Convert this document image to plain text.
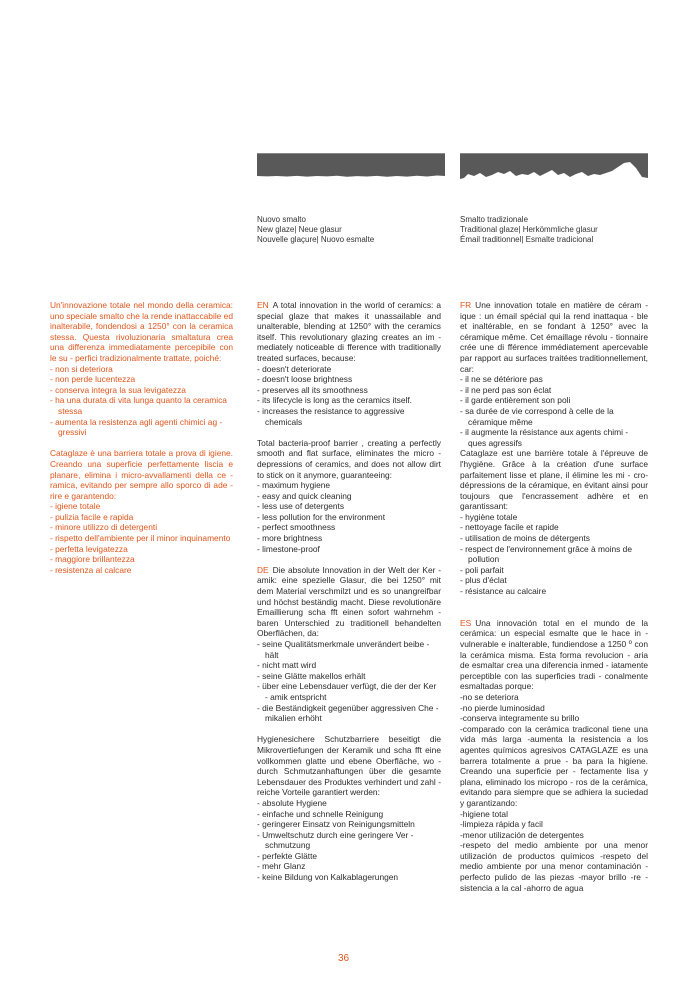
Nuovo smalto
New glaze| Neue glasur
Nouvelle glaçure| Nuovo esmalte
Smalto tradizionale
Traditional glaze| Herkömmliche glasur
Émail traditionnel| Esmalte tradicional

Un'innovazione totale nel mondo della ceramica: uno speciale smalto che la rende inattaccabile ed inalterabile, fondendosi a 1250° con la ceramica stessa. Questa rivoluzionaria smaltatura crea una differenza immediatamente percepibile con le su - perfici tradizionalmente trattate, poiché:

- non si deteriora
- non perde lucentezza
- conserva integra la sua levigatezza
- ha una durata di vita lunga quanto la ceramica stessa
- aumenta la resistenza agli agenti chimici ag - gressivi

Cataglaze è una barriera totale a prova di igiene. Creando una superficie perfettamente liscia e planare, elimina i micro-avvallamenti della ce - ramica, evitando per sempre allo sporco di ade - rire e garantendo:

- igiene totale
- pulizia facile e rapida
- minore utilizzo di detergenti
- rispetto dell'ambiente per il minor inquinamento
- perfetta levigatezza
- maggiore brillantezza
- resistenza al calcare

EN A total innovation in the world of ceramics: a special glaze that makes it unassailable and unalterable, blending at 1250° with the ceramics itself. This revolutionary glazing creates an im - mediately noticeable di fference with traditionally treated surfaces, because:

- doesn't deteriorate
- doesn't loose brightness
- preserves all its smoothness
- its lifecycle is long as the ceramics itself.
- increases the resistance to aggressive chemicals

Total bacteria-proof barrier , creating a perfectly smooth and flat surface, eliminates the micro - depressions of ceramics, and does not allow dirt to stick on it anymore, guaranteeing:

- maximum hygiene
- easy and quick cleaning
- less use of detergents
- less pollution for the environment
- perfect smoothness
- more brightness
- limestone-proof

DE Die absolute Innovation in der Welt der Ker - amik: eine spezielle Glasur, die bei 1250° mit dem Material verschmilzt und es so unangreifbar und höchst beständig macht. Diese revolutionäre Emaillierung scha fft einen sofort wahrnehm - baren Unterschied zu traditionell behandelten Oberflächen, da:

- seine Qualitätsmerkmale unverändert beibe - hält
- nicht matt wird
- seine Glätte makellos erhält
- über eine Lebensdauer verfügt, die der der Ker - amik entspricht
- die Beständigkeit gegenüber aggressiven Che - mikalien erhöht

Hygienesichere Schutzbarriere beseitigt die Mikrovertiefungen der Keramik und scha fft eine vollkommen glatte und ebene Oberfläche, wo - durch Schmutzanhaftungen über die gesamte Lebensdauer des Produktes verhindert und zahl - reiche Vorteile garantiert werden:

- absolute Hygiene
- einfache und schnelle Reinigung
- geringerer Einsatz von Reinigungsmitteln
- Umweltschutz durch eine geringere Ver - schmutzung
- perfekte Glätte
- mehr Glanz
- keine Bildung von Kalkablagerungen

FR Une innovation totale en matière de céram - ique : un émail spécial qui la rend inattaqua - ble et inaltérable, en se fondant à 1250° avec la céramique même. Cet émaillage révolu - tionnaire crée une di fférence immédiatement apercevable par rapport au surfaces traitées traditionnellement, car:

- il ne se détériore pas
- il ne perd pas son éclat
- il garde entièrement son poli
- sa durée de vie correspond à celle de la céramique même
- il augmente la résistance aux agents chimi - ques agressifs

Cataglaze est une barrière totale à l'épreuve de l'hygiène. Grâce à la création d'une surface parfaitement lisse et plane, il élimine les mi - cro-dépressions de la céramique, en évitant ainsi pour toujours que l'encrassement adhère et en garantissant:

- hygiène totale
- nettoyage facile et rapide
- utilisation de moins de détergents
- respect de l'environnement grâce à moins de pollution
- poli parfait
- plus d'éclat
- résistance au calcaire

ES Una innovación total en el mundo de la cerámica: un especial esmalte que le hace in - vulnerable e inalterable, fundiendose a 1250 º con la cerámica misma. Esta forma revolucion - aria de esmaltar crea una diferencia inmed - iatamente perceptible con las superficies tradi - conalmente esmaltadas porque:

-no se deteriora
-no pierde luminosidad
-conserva integramente su brillo

-comparado con la cerámica tradiconal tiene una vida más larga -aumenta la resistencia a los agentes químicos agresivos CATAGLAZE es una barrera totalmente a prue - ba para la higiene. Creando una superficie per - fectamente lisa y plana, eliminado los micropo - ros de la cerámica, evitando para siempre que se adhiera la suciedad y garantizando:

-higiene total
-limpieza rápida y facil
-menor utilización de detergentes

-respeto del medio ambiente por una menor utilización de productos químicos -respeto del medio ambiente por una menor contaminación -perfecto pulido de las piezas -mayor brillo -re - sistencia a la cal -ahorro de agua

36
